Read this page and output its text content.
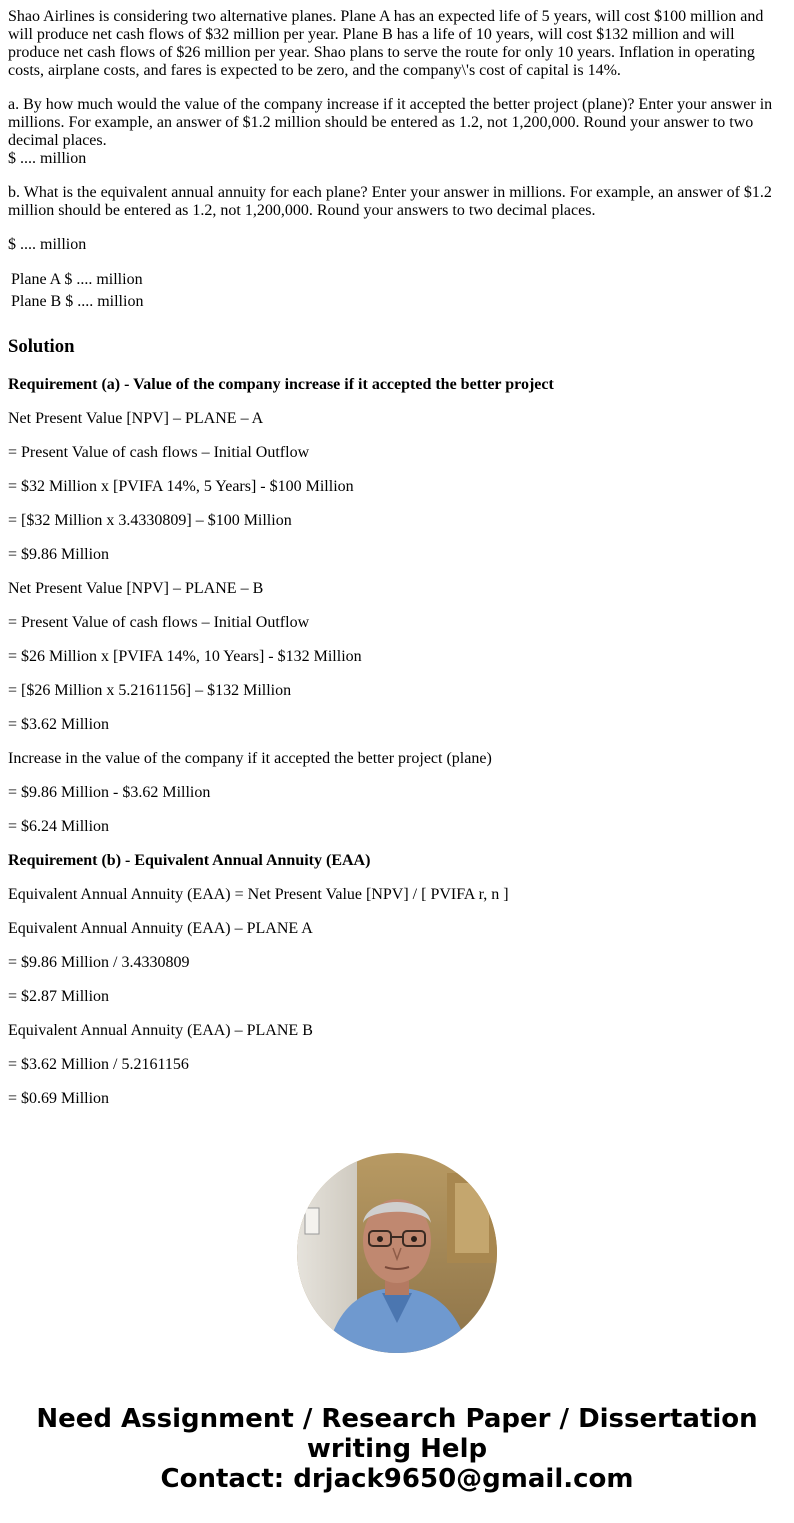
Shao Airlines is considering two alternative planes. Plane A has an expected life of 5 years, will cost $100 million and will produce net cash flows of $32 million per year. Plane B has a life of 10 years, will cost $132 million and will produce net cash flows of $26 million per year. Shao plans to serve the route for only 10 years. Inflation in operating costs, airplane costs, and fares is expected to be zero, and the company\'s cost of capital is 14%.

a. By how much would the value of the company increase if it accepted the better project (plane)? Enter your answer in millions. For example, an answer of $1.2 million should be entered as 1.2, not 1,200,000. Round your answer to two decimal places.
$ .... million

b. What is the equivalent annual annuity for each plane? Enter your answer in millions. For example, an answer of $1.2 million should be entered as 1.2, not 1,200,000. Round your answers to two decimal places.

$ .... million

Plane A $ .... million
Plane B $ .... million
Solution

Requirement (a) - Value of the company increase if it accepted the better project

Net Present Value [NPV] – PLANE – A

= Present Value of cash flows – Initial Outflow

= $32 Million x [PVIFA 14%, 5 Years] - $100 Million

= [$32 Million x 3.4330809] – $100 Million

= $9.86 Million

Net Present Value [NPV] – PLANE – B

= Present Value of cash flows – Initial Outflow

= $26 Million x [PVIFA 14%, 10 Years] - $132 Million

= [$26 Million x 5.2161156] – $132 Million

= $3.62 Million

Increase in the value of the company if it accepted the better project (plane)

= $9.86 Million - $3.62 Million

= $6.24 Million

Requirement (b) - Equivalent Annual Annuity (EAA)

Equivalent Annual Annuity (EAA) = Net Present Value [NPV] / [ PVIFA r, n ]

Equivalent Annual Annuity (EAA) – PLANE A

= $9.86 Million / 3.4330809

= $2.87 Million

Equivalent Annual Annuity (EAA) – PLANE B

= $3.62 Million / 5.2161156

= $0.69 Million

Need Assignment / Research Paper / Dissertation
writing Help
Contact: drjack9650@gmail.com
